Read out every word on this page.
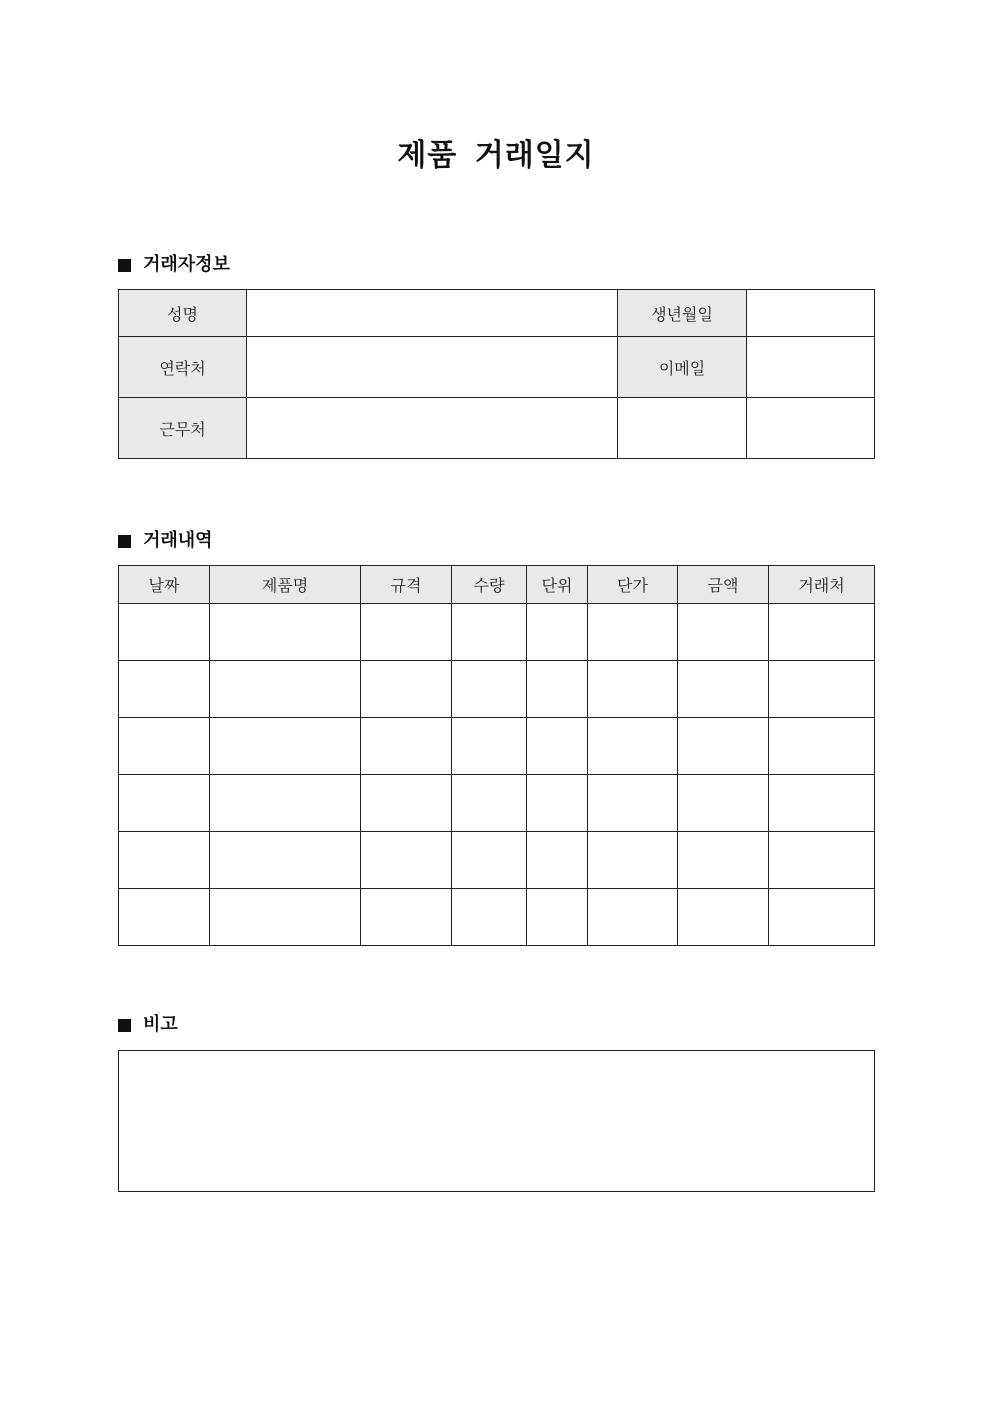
제품 거래일지
거래자정보
성명		생년월일	
연락처		이메일	
근무처			
거래내역
날짜	제품명	규격	수량	단위	단가	금액	거래처

비고
